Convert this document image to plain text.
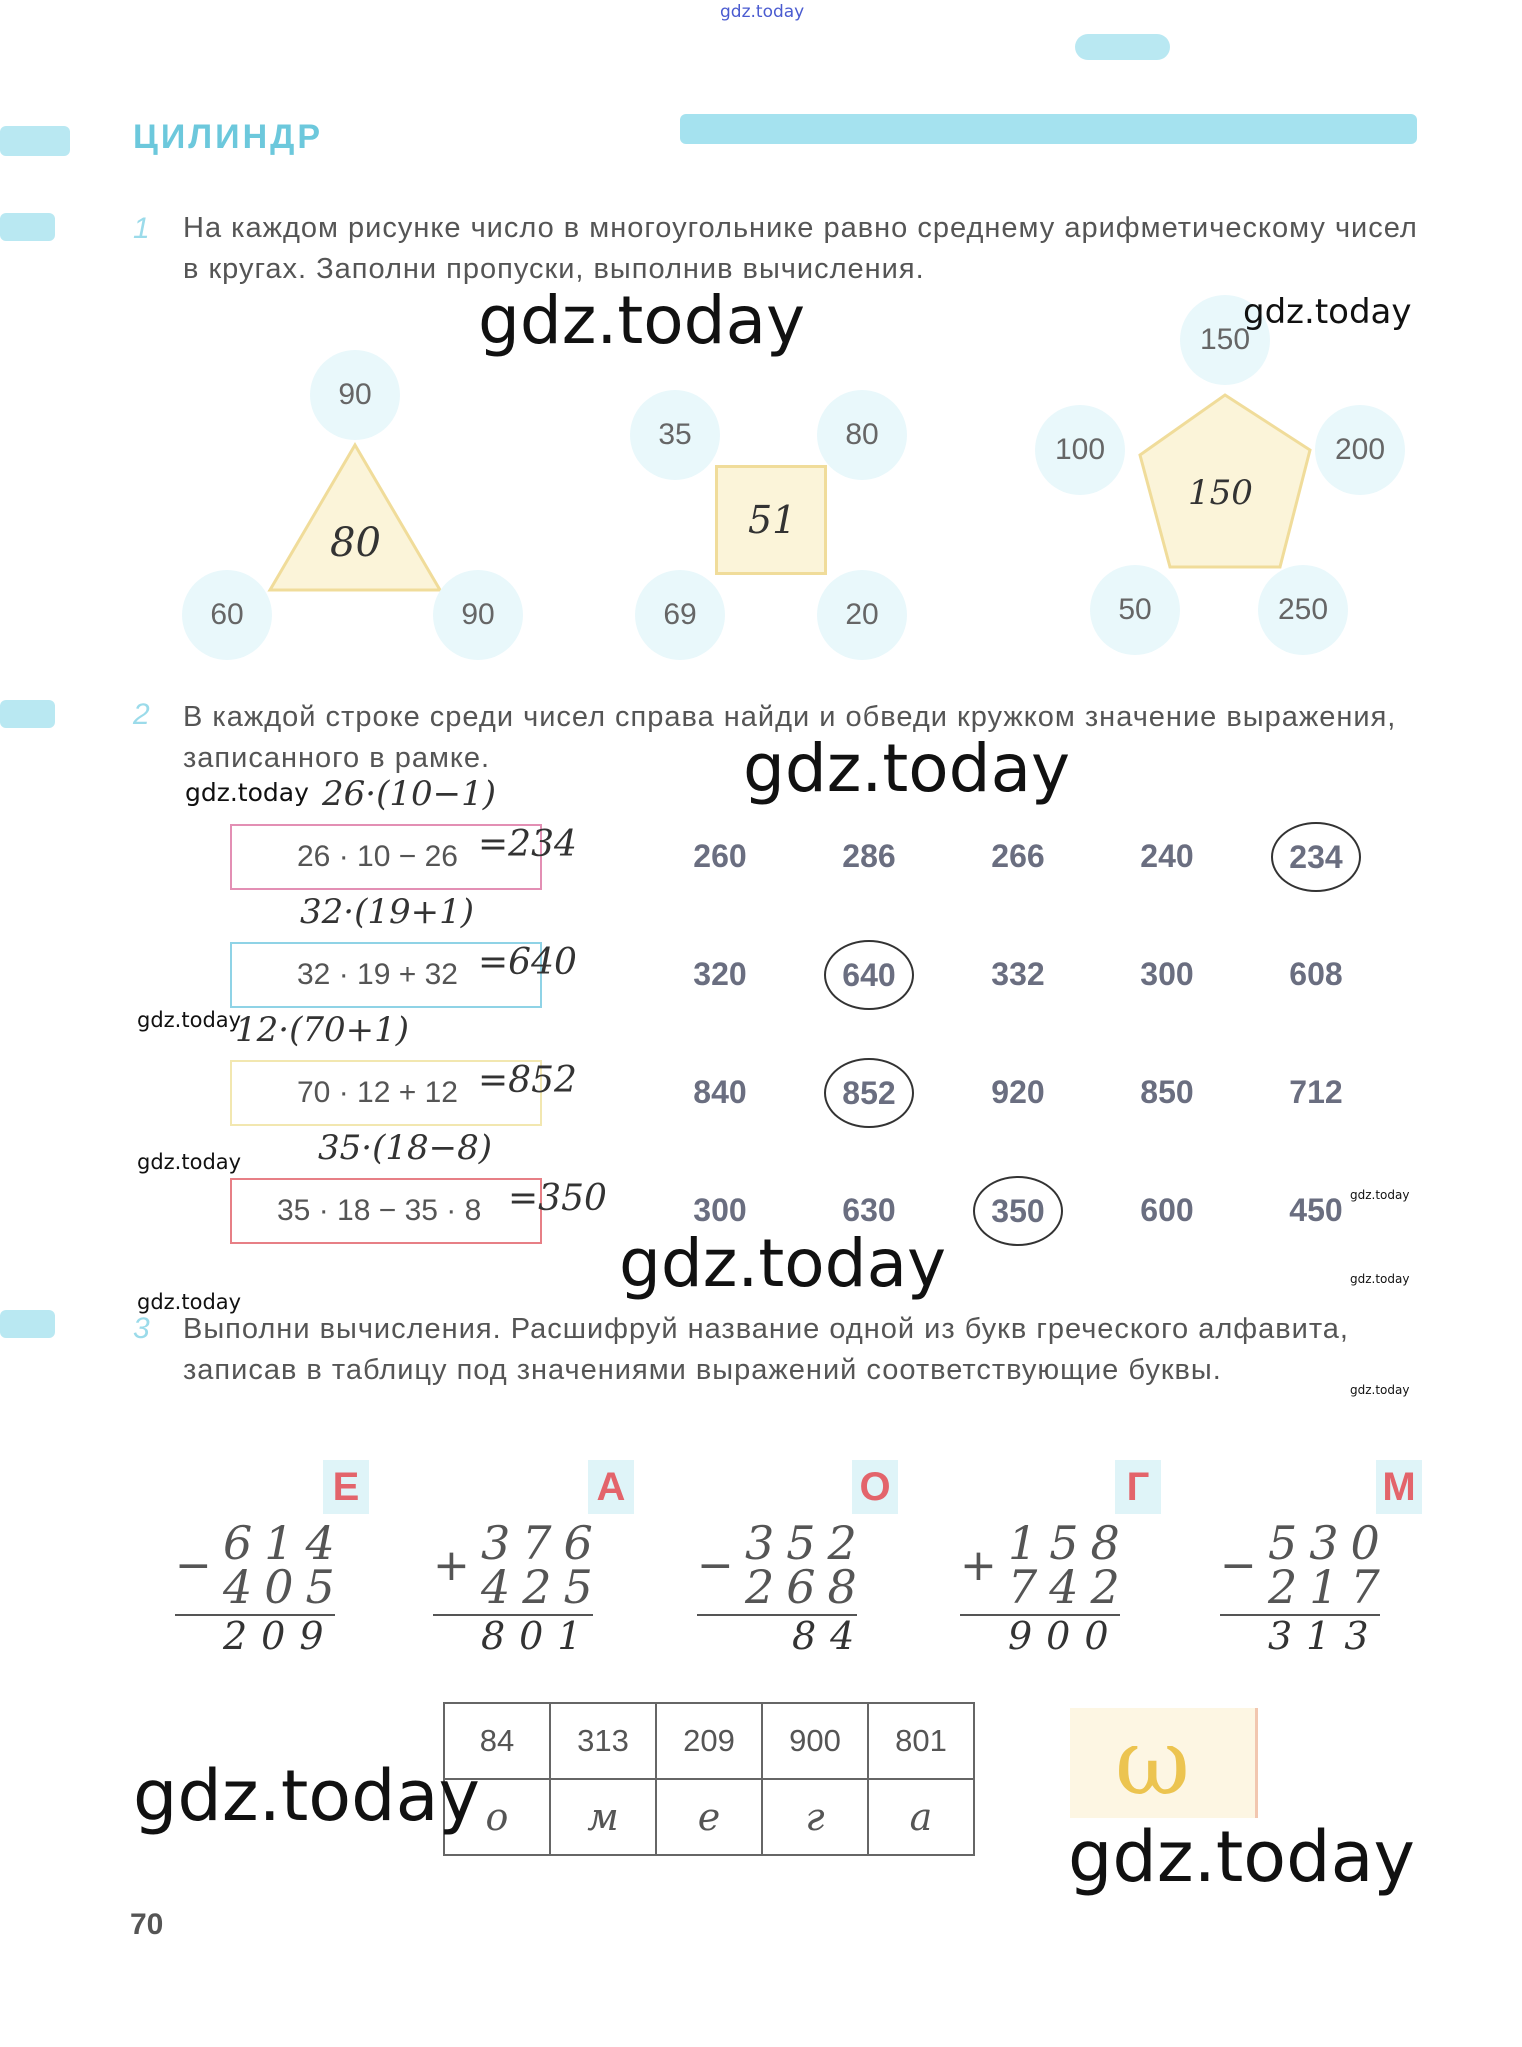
gdz.today
ЦИЛИНДР
1 На каждом рисунке число в многоугольнике равно среднему арифметическому чисел в кругах. Заполни пропуски, выполнив вычисления.
90
60	90
80
35	80
69	20
51
150
100	200
50	250
150
2 В каждой строке среди чисел справа найди и обведи кружком значение выражения, записанного в рамке.
26·(10−1)
26 · 10 − 26 =234	260	286	266	240	234
32·(19+1)
32 · 19 + 32 =640	320	640	332	300	608
12·(70+1)
70 · 12 + 12 =852	840	852	920	850	712
35·(18−8)
35 · 18 − 35 · 8 =350	300	630	350	600	450
3 Выполни вычисления. Расшифруй название одной из букв греческого алфавита, записав в таблицу под значениями выражений соответствующие буквы.
Е
− 614
405
209
А
+ 376
425
801
О
− 352
268
84
Г
+ 158
742
900
М
− 530
217
313
84	313	209	900	801
о	м	е	г	а
ω
70
gdz.today	gdz.today
gdz.today
gdz.today
gdz.today
gdz.today
gdz.today
gdz.today	gdz.today
gdz.today
gdz.today
gdz.today
gdz.today
